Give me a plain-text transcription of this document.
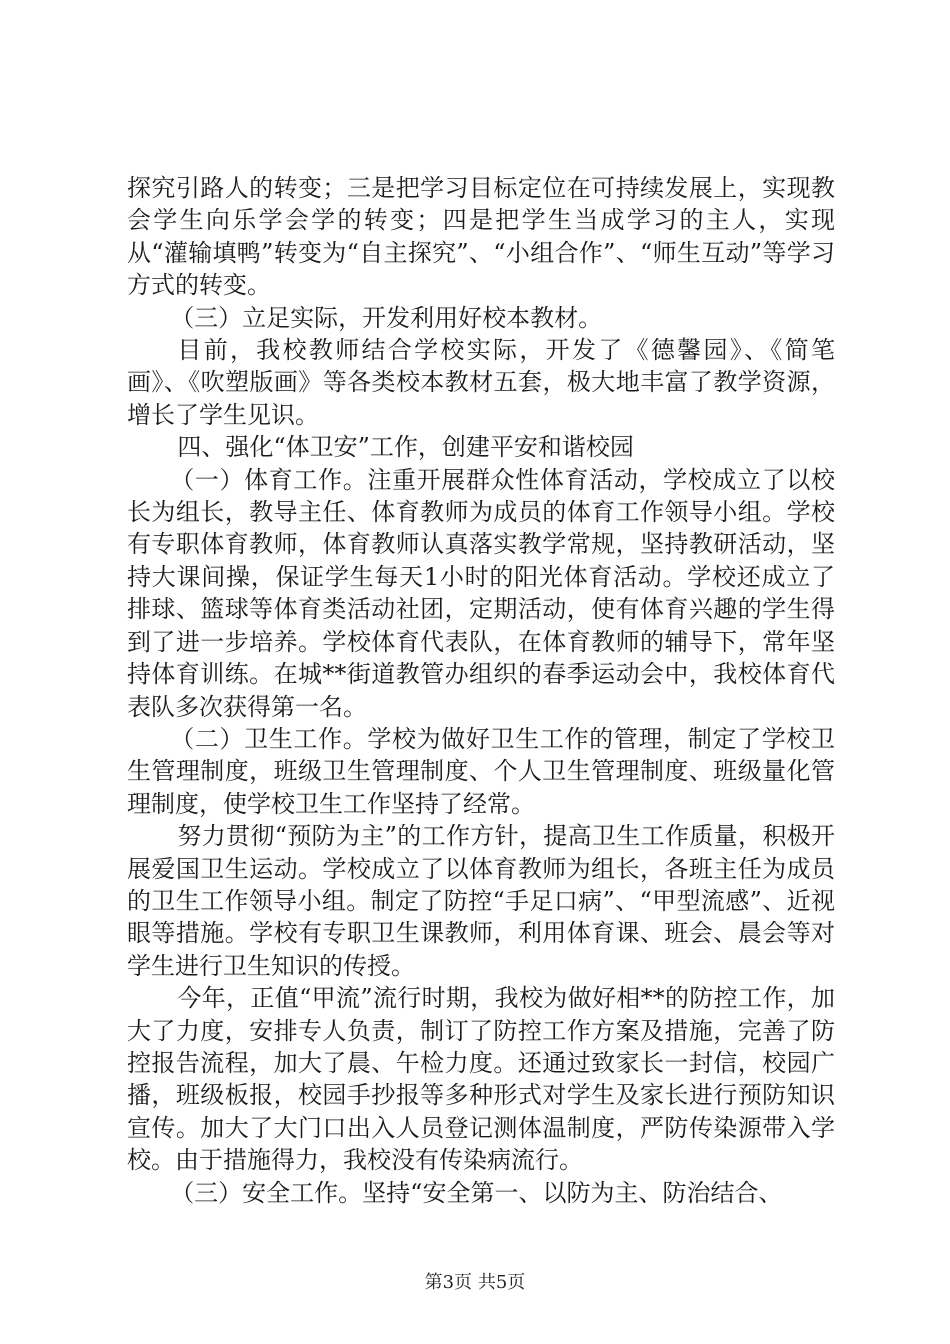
探究引路人的转变；三是把学习目标定位在可持续发展上，实现教会学生向乐学会学的转变；四是把学生当成学习的主人，实现从“灌输填鸭”转变为“自主探究”、“小组合作”、“师生互动”等学习方式的转变。

（三）立足实际，开发利用好校本教材。

目前，我校教师结合学校实际，开发了《德馨园》、《简笔画》、《吹塑版画》等各类校本教材五套，极大地丰富了教学资源，增长了学生见识。

四、强化“体卫安”工作，创建平安和谐校园

（一）体育工作。注重开展群众性体育活动，学校成立了以校长为组长，教导主任、体育教师为成员的体育工作领导小组。学校有专职体育教师，体育教师认真落实教学常规，坚持教研活动，坚持大课间操，保证学生每天1小时的阳光体育活动。学校还成立了排球、篮球等体育类活动社团，定期活动，使有体育兴趣的学生得到了进一步培养。学校体育代表队，在体育教师的辅导下，常年坚持体育训练。在城**街道教管办组织的春季运动会中，我校体育代表队多次获得第一名。

（二）卫生工作。学校为做好卫生工作的管理，制定了学校卫生管理制度，班级卫生管理制度、个人卫生管理制度、班级量化管理制度，使学校卫生工作坚持了经常。

努力贯彻“预防为主”的工作方针，提高卫生工作质量，积极开展爱国卫生运动。学校成立了以体育教师为组长，各班主任为成员的卫生工作领导小组。制定了防控“手足口病”、“甲型流感”、近视眼等措施。学校有专职卫生课教师，利用体育课、班会、晨会等对学生进行卫生知识的传授。

今年，正值“甲流”流行时期，我校为做好相**的防控工作，加大了力度，安排专人负责，制订了防控工作方案及措施，完善了防控报告流程，加大了晨、午检力度。还通过致家长一封信，校园广播，班级板报，校园手抄报等多种形式对学生及家长进行预防知识宣传。加大了大门口出入人员登记测体温制度，严防传染源带入学校。由于措施得力，我校没有传染病流行。

（三）安全工作。坚持“安全第一、以防为主、防治结合、

第3页 共5页
